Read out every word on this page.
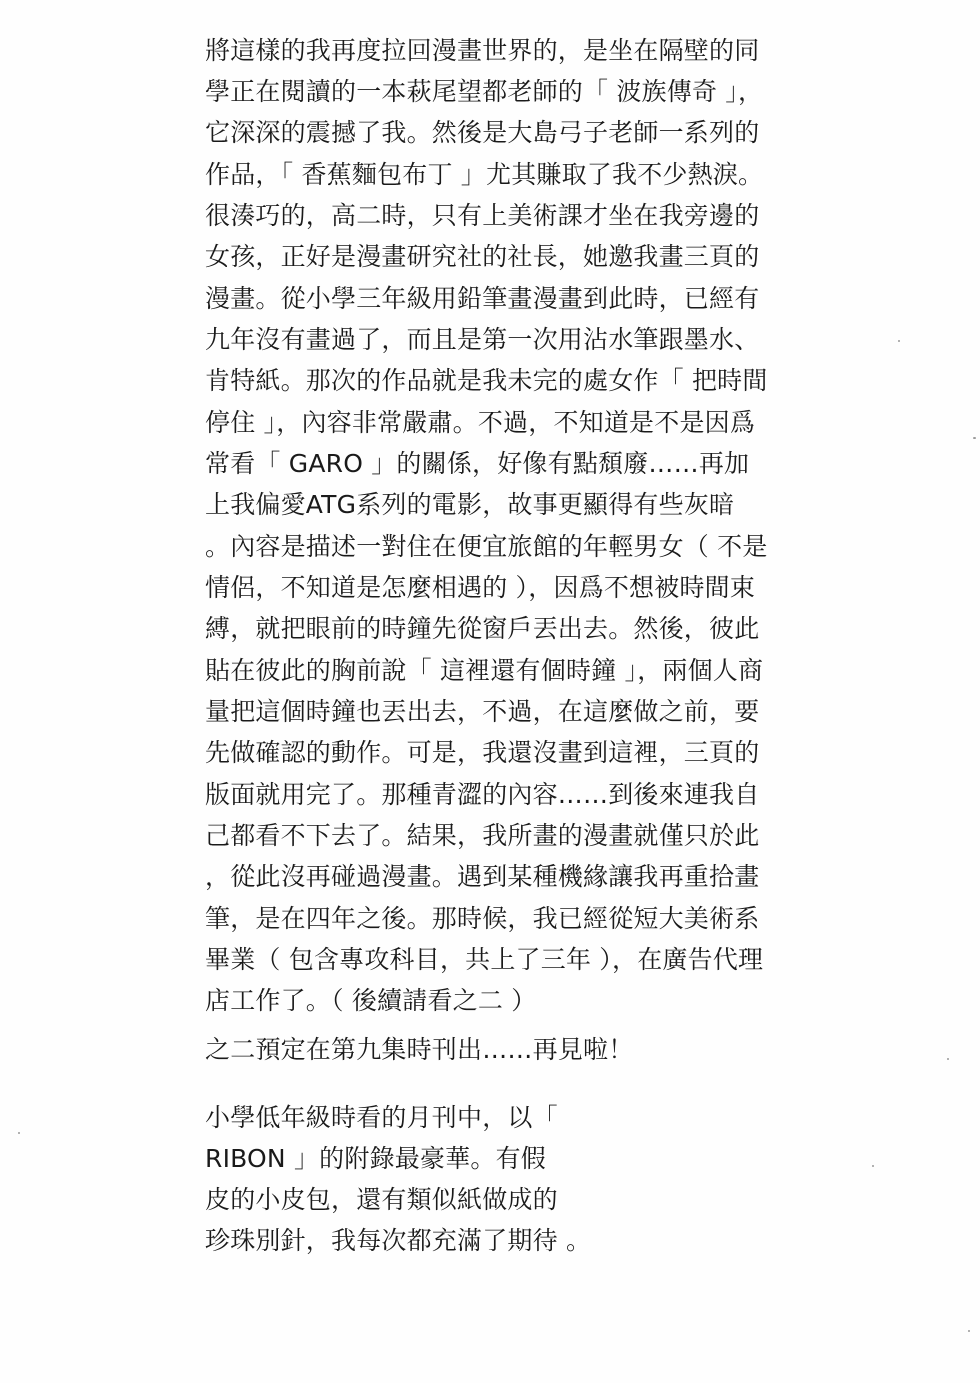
將這樣的我再度拉回漫畫世界的，是坐在隔壁的同
學正在閱讀的一本萩尾望都老師的「 波族傳奇 」，
它深深的震撼了我。然後是大島弓子老師一系列的
作品，「 香蕉麵包布丁 」尤其賺取了我不少熱淚。
很湊巧的，高二時，只有上美術課才坐在我旁邊的
女孩，正好是漫畫研究社的社長，她邀我畫三頁的
漫畫。從小學三年級用鉛筆畫漫畫到此時，已經有
九年沒有畫過了，而且是第一次用沾水筆跟墨水、
肯特紙。那次的作品就是我未完的處女作「 把時間
停住 」，內容非常嚴肅。不過，不知道是不是因爲
常看「 GARO 」的關係，好像有點頹廢……再加
上我偏愛ATG系列的電影，故事更顯得有些灰暗
。內容是描述一對住在便宜旅館的年輕男女（ 不是
情侶，不知道是怎麼相遇的 ），因爲不想被時間束
縛，就把眼前的時鐘先從窗戶丟出去。然後，彼此
貼在彼此的胸前說「 這裡還有個時鐘 」，兩個人商
量把這個時鐘也丟出去，不過，在這麼做之前，要
先做確認的動作。可是，我還沒畫到這裡，三頁的
版面就用完了。那種青澀的內容……到後來連我自
己都看不下去了。結果，我所畫的漫畫就僅只於此
，從此沒再碰過漫畫。遇到某種機緣讓我再重拾畫
筆，是在四年之後。那時候，我已經從短大美術系
畢業（ 包含專攻科目，共上了三年 ），在廣告代理
店工作了。（ 後續請看之二 ）
之二預定在第九集時刊出……再見啦！
小學低年級時看的月刊中，以「
RIBON 」的附錄最豪華。有假
皮的小皮包，還有類似紙做成的
珍珠別針，我每次都充滿了期待 。
